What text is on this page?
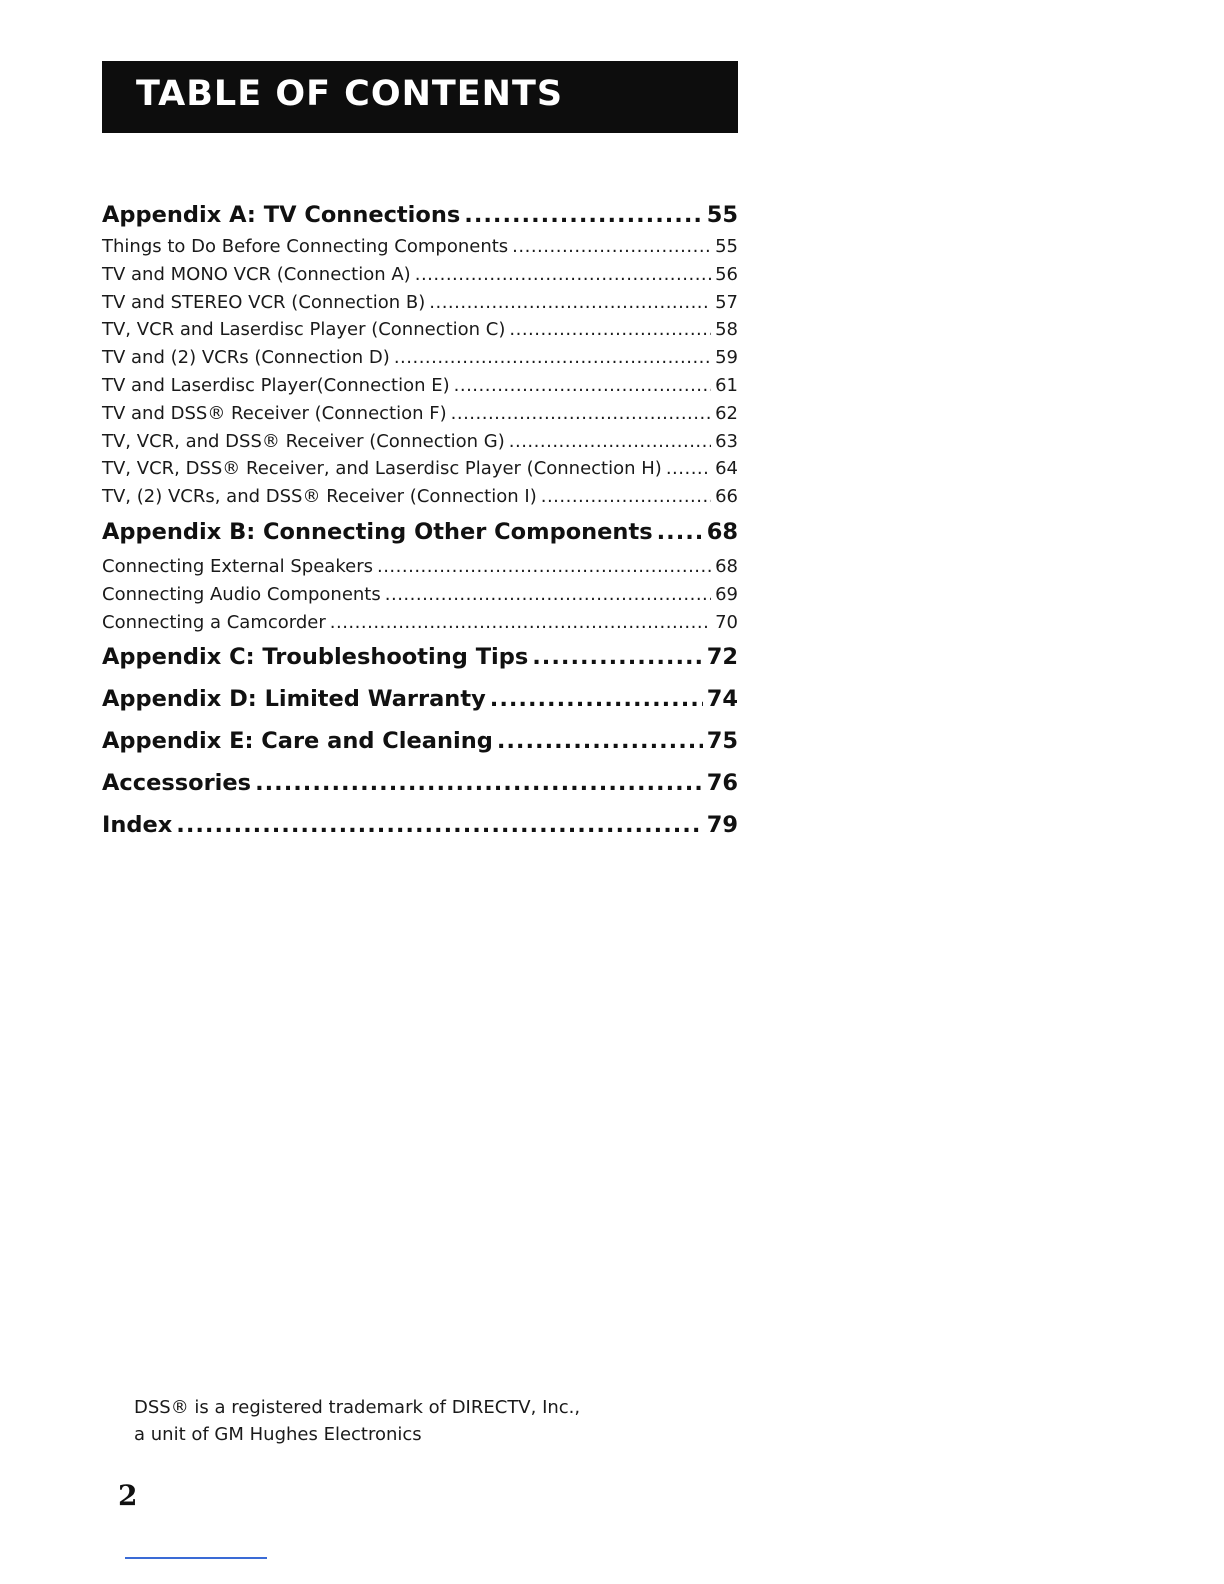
TABLE OF CONTENTS
Appendix A: TV Connections .....	55
Things to Do Before Connecting Components .....	55
TV and MONO VCR (Connection A) .....	56
TV and STEREO VCR (Connection B) .....	57
TV, VCR and Laserdisc Player (Connection C) .....	58
TV and (2) VCRs (Connection D) .....	59
TV and Laserdisc Player(Connection E) .....	61
TV and DSS® Receiver (Connection F) .....	62
TV, VCR, and DSS® Receiver (Connection G) .....	63
TV, VCR, DSS® Receiver, and Laserdisc Player (Connection H) .....	64
TV, (2) VCRs, and DSS® Receiver (Connection I) .....	66
Appendix B: Connecting Other Components ..... 68
Connecting External Speakers .....	68
Connecting Audio Components .....	69
Connecting a Camcorder .....	70
Appendix C: Troubleshooting Tips .....	72
Appendix D: Limited Warranty .....	74
Appendix E: Care and Cleaning .....	75
Accessories .....	76
Index .....	79
DSS® is a registered trademark of DIRECTV, Inc.,
a unit of GM Hughes Electronics
2
